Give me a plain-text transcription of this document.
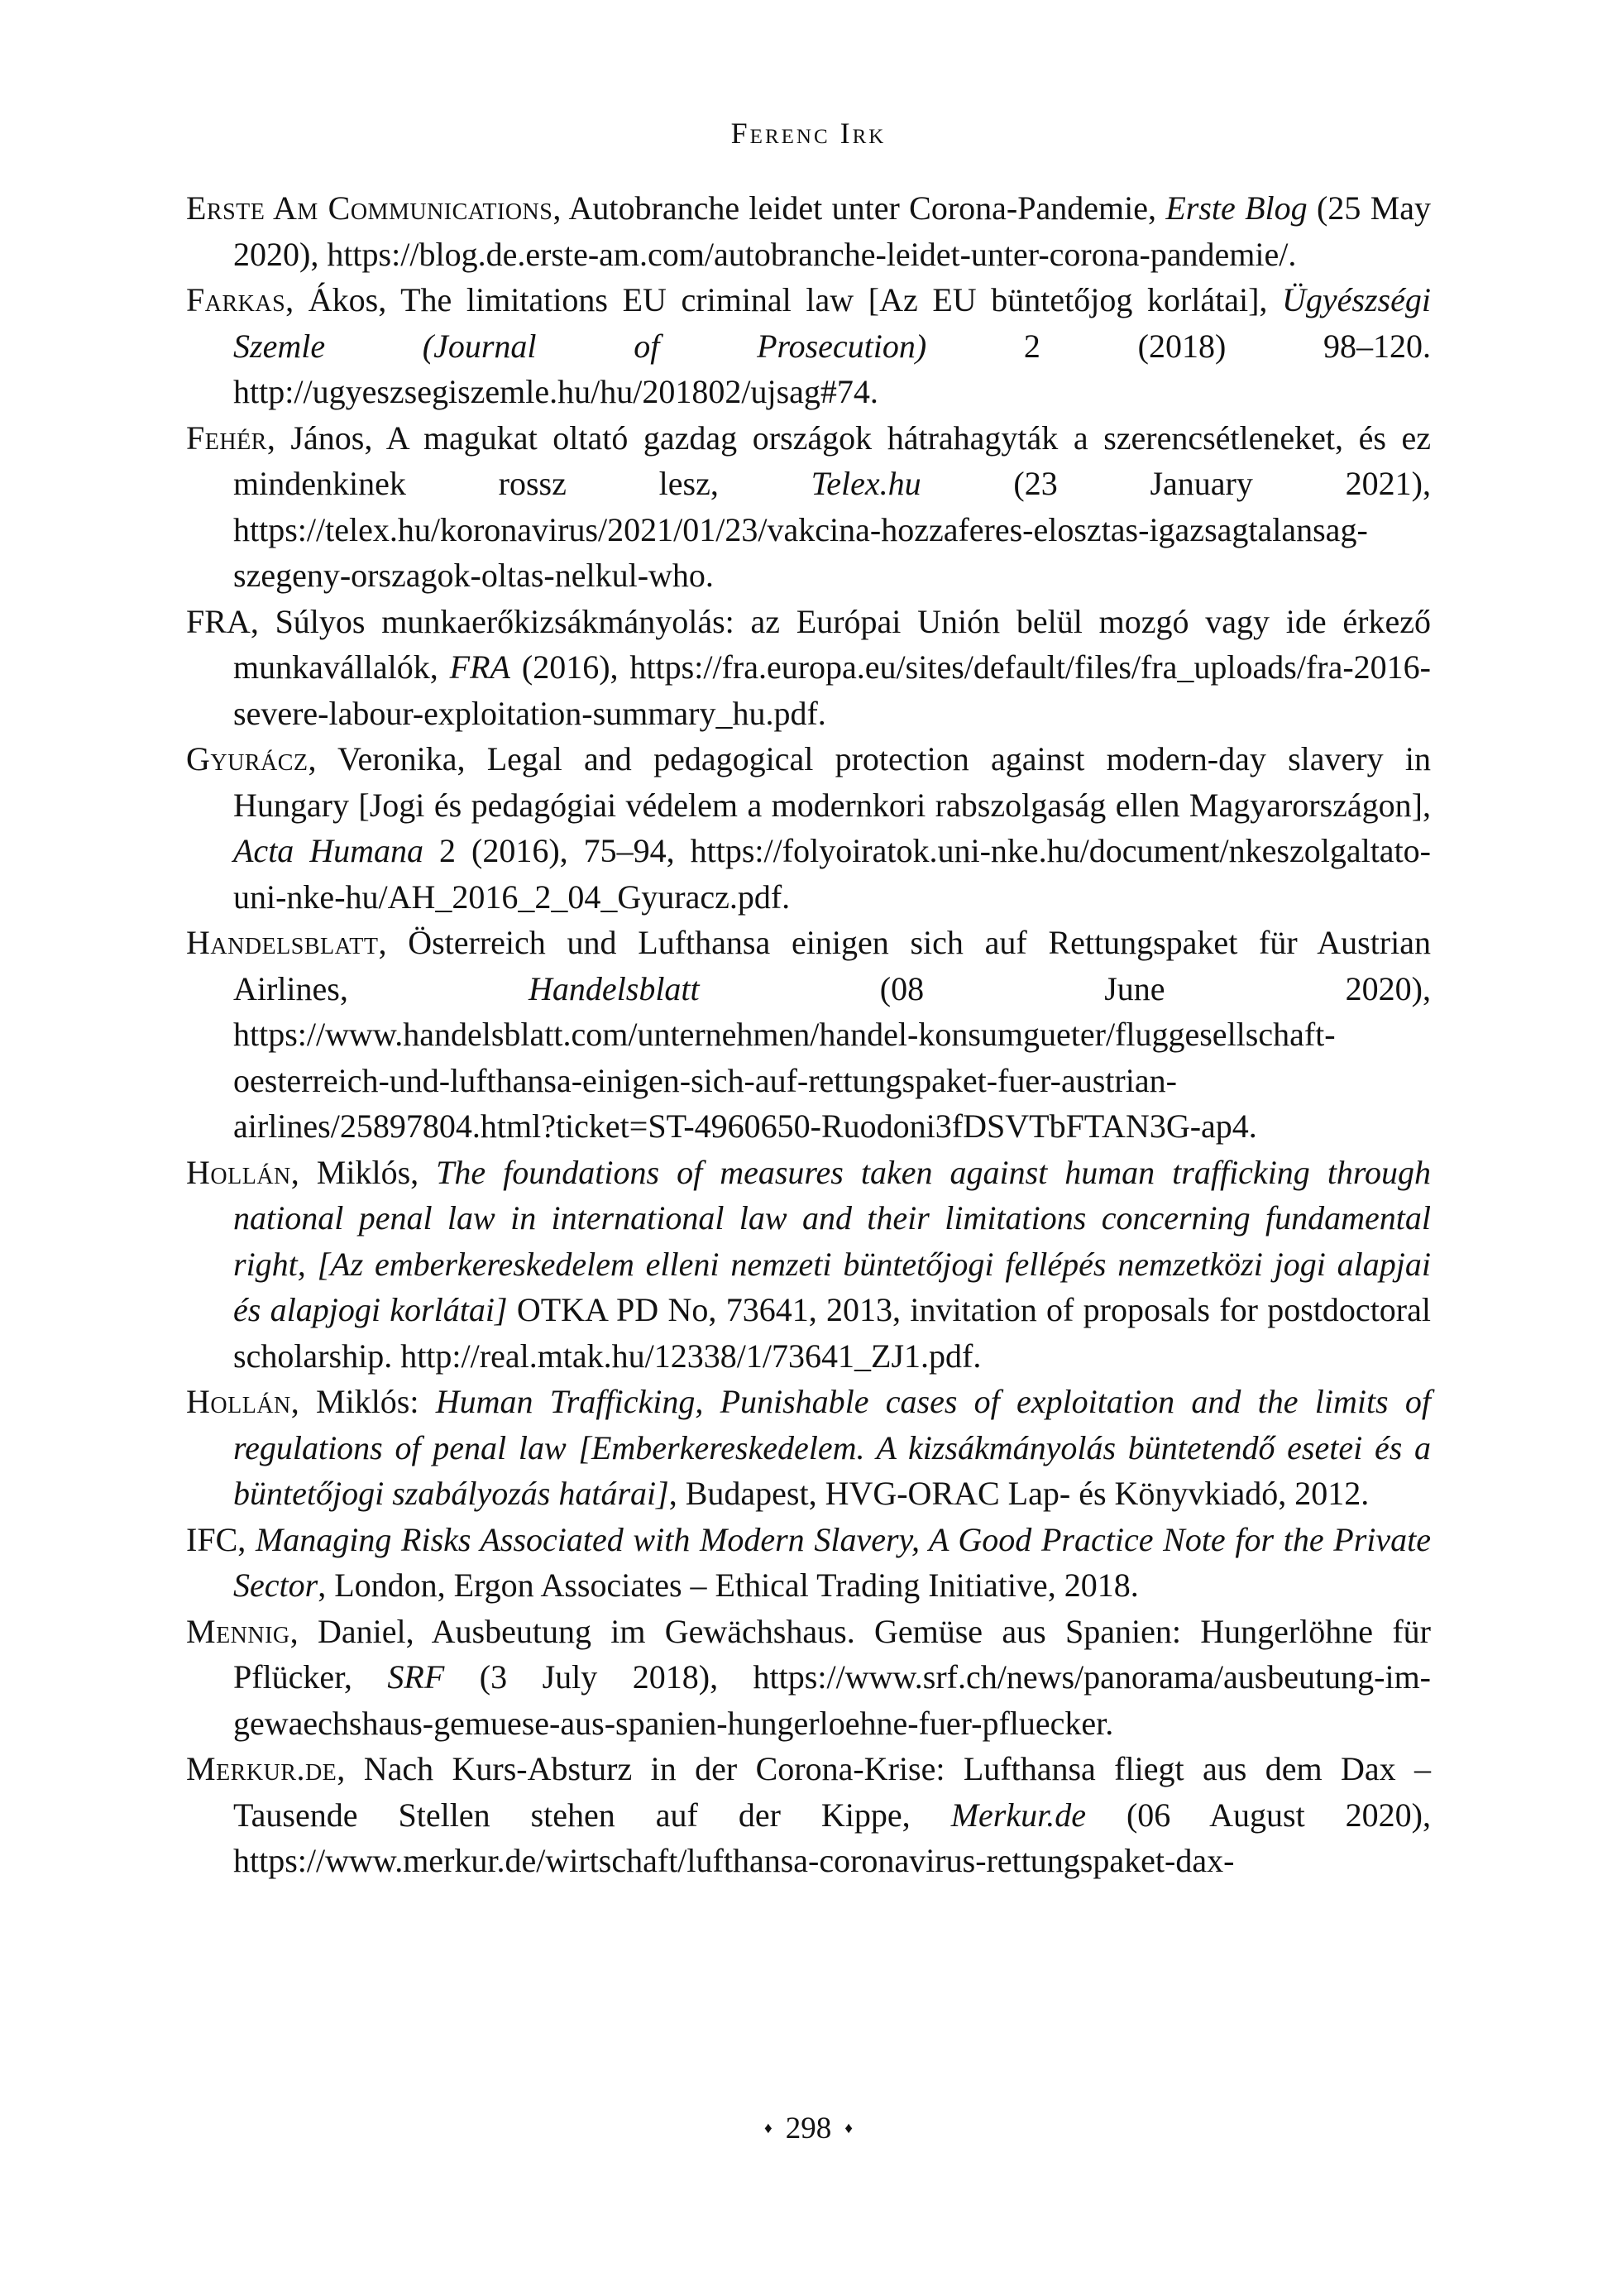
Ferenc Irk

Erste Am Communications, Autobranche leidet unter Corona-Pandemie, Erste Blog (25 May 2020), https://blog.de.erste-am.com/autobranche-leidet-unter-corona-pandemie/.

Farkas, Ákos, The limitations EU criminal law [Az EU büntetőjog korlátai], Ügyészségi Szemle (Journal of Prosecution) 2 (2018) 98–120. http://ugyeszsegiszemle.hu/hu/201802/ujsag#74.

Fehér, János, A magukat oltató gazdag országok hátrahagyták a szerencsétleneket, és ez mindenkinek rossz lesz, Telex.hu (23 January 2021), https://telex.hu/koronavirus/2021/01/23/vakcina-hozzaferes-elosztas-igazsagtalansag-szegeny-orszagok-oltas-nelkul-who.

FRA, Súlyos munkaerőkizsákmányolás: az Európai Unión belül mozgó vagy ide érkező munkavállalók, FRA (2016), https://fra.europa.eu/sites/default/files/fra_uploads/fra-2016-severe-labour-exploitation-summary_hu.pdf.

Gyurácz, Veronika, Legal and pedagogical protection against modern-day slavery in Hungary [Jogi és pedagógiai védelem a modernkori rabszolgaság ellen Magyarországon], Acta Humana 2 (2016), 75–94, https://folyoiratok.uni-nke.hu/document/nkeszolgaltato-uni-nke-hu/AH_2016_2_04_Gyuracz.pdf.

Handelsblatt, Österreich und Lufthansa einigen sich auf Rettungspaket für Austrian Airlines, Handelsblatt (08 June 2020), https://www.handelsblatt.com/unternehmen/handel-konsumgueter/fluggesellschaft-oesterreich-und-lufthansa-einigen-sich-auf-rettungspaket-fuer-austrian-airlines/25897804.html?ticket=ST-4960650-Ruodoni3fDSVTbFTAN3G-ap4.

Hollán, Miklós, The foundations of measures taken against human trafficking through national penal law in international law and their limitations concerning fundamental right, [Az emberkereskedelem elleni nemzeti büntetőjogi fellépés nemzetközi jogi alapjai és alapjogi korlátai] OTKA PD No, 73641, 2013, invitation of proposals for postdoctoral scholarship. http://real.mtak.hu/12338/1/73641_ZJ1.pdf.

Hollán, Miklós: Human Trafficking, Punishable cases of exploitation and the limits of regulations of penal law [Emberkereskedelem. A kizsákmányolás büntetendő esetei és a büntetőjogi szabályozás határai], Budapest, HVG-ORAC Lap- és Könyvkiadó, 2012.

IFC, Managing Risks Associated with Modern Slavery, A Good Practice Note for the Private Sector, London, Ergon Associates – Ethical Trading Initiative, 2018.

Mennig, Daniel, Ausbeutung im Gewächshaus. Gemüse aus Spanien: Hungerlöhne für Pflücker, SRF (3 July 2018), https://www.srf.ch/news/panorama/ausbeutung-im-gewaechshaus-gemuese-aus-spanien-hungerloehne-fuer-pfluecker.

Merkur.de, Nach Kurs-Absturz in der Corona-Krise: Lufthansa fliegt aus dem Dax – Tausende Stellen stehen auf der Kippe, Merkur.de (06 August 2020), https://www.merkur.de/wirtschaft/lufthansa-coronavirus-rettungspaket-dax-

♦ 298 ♦
